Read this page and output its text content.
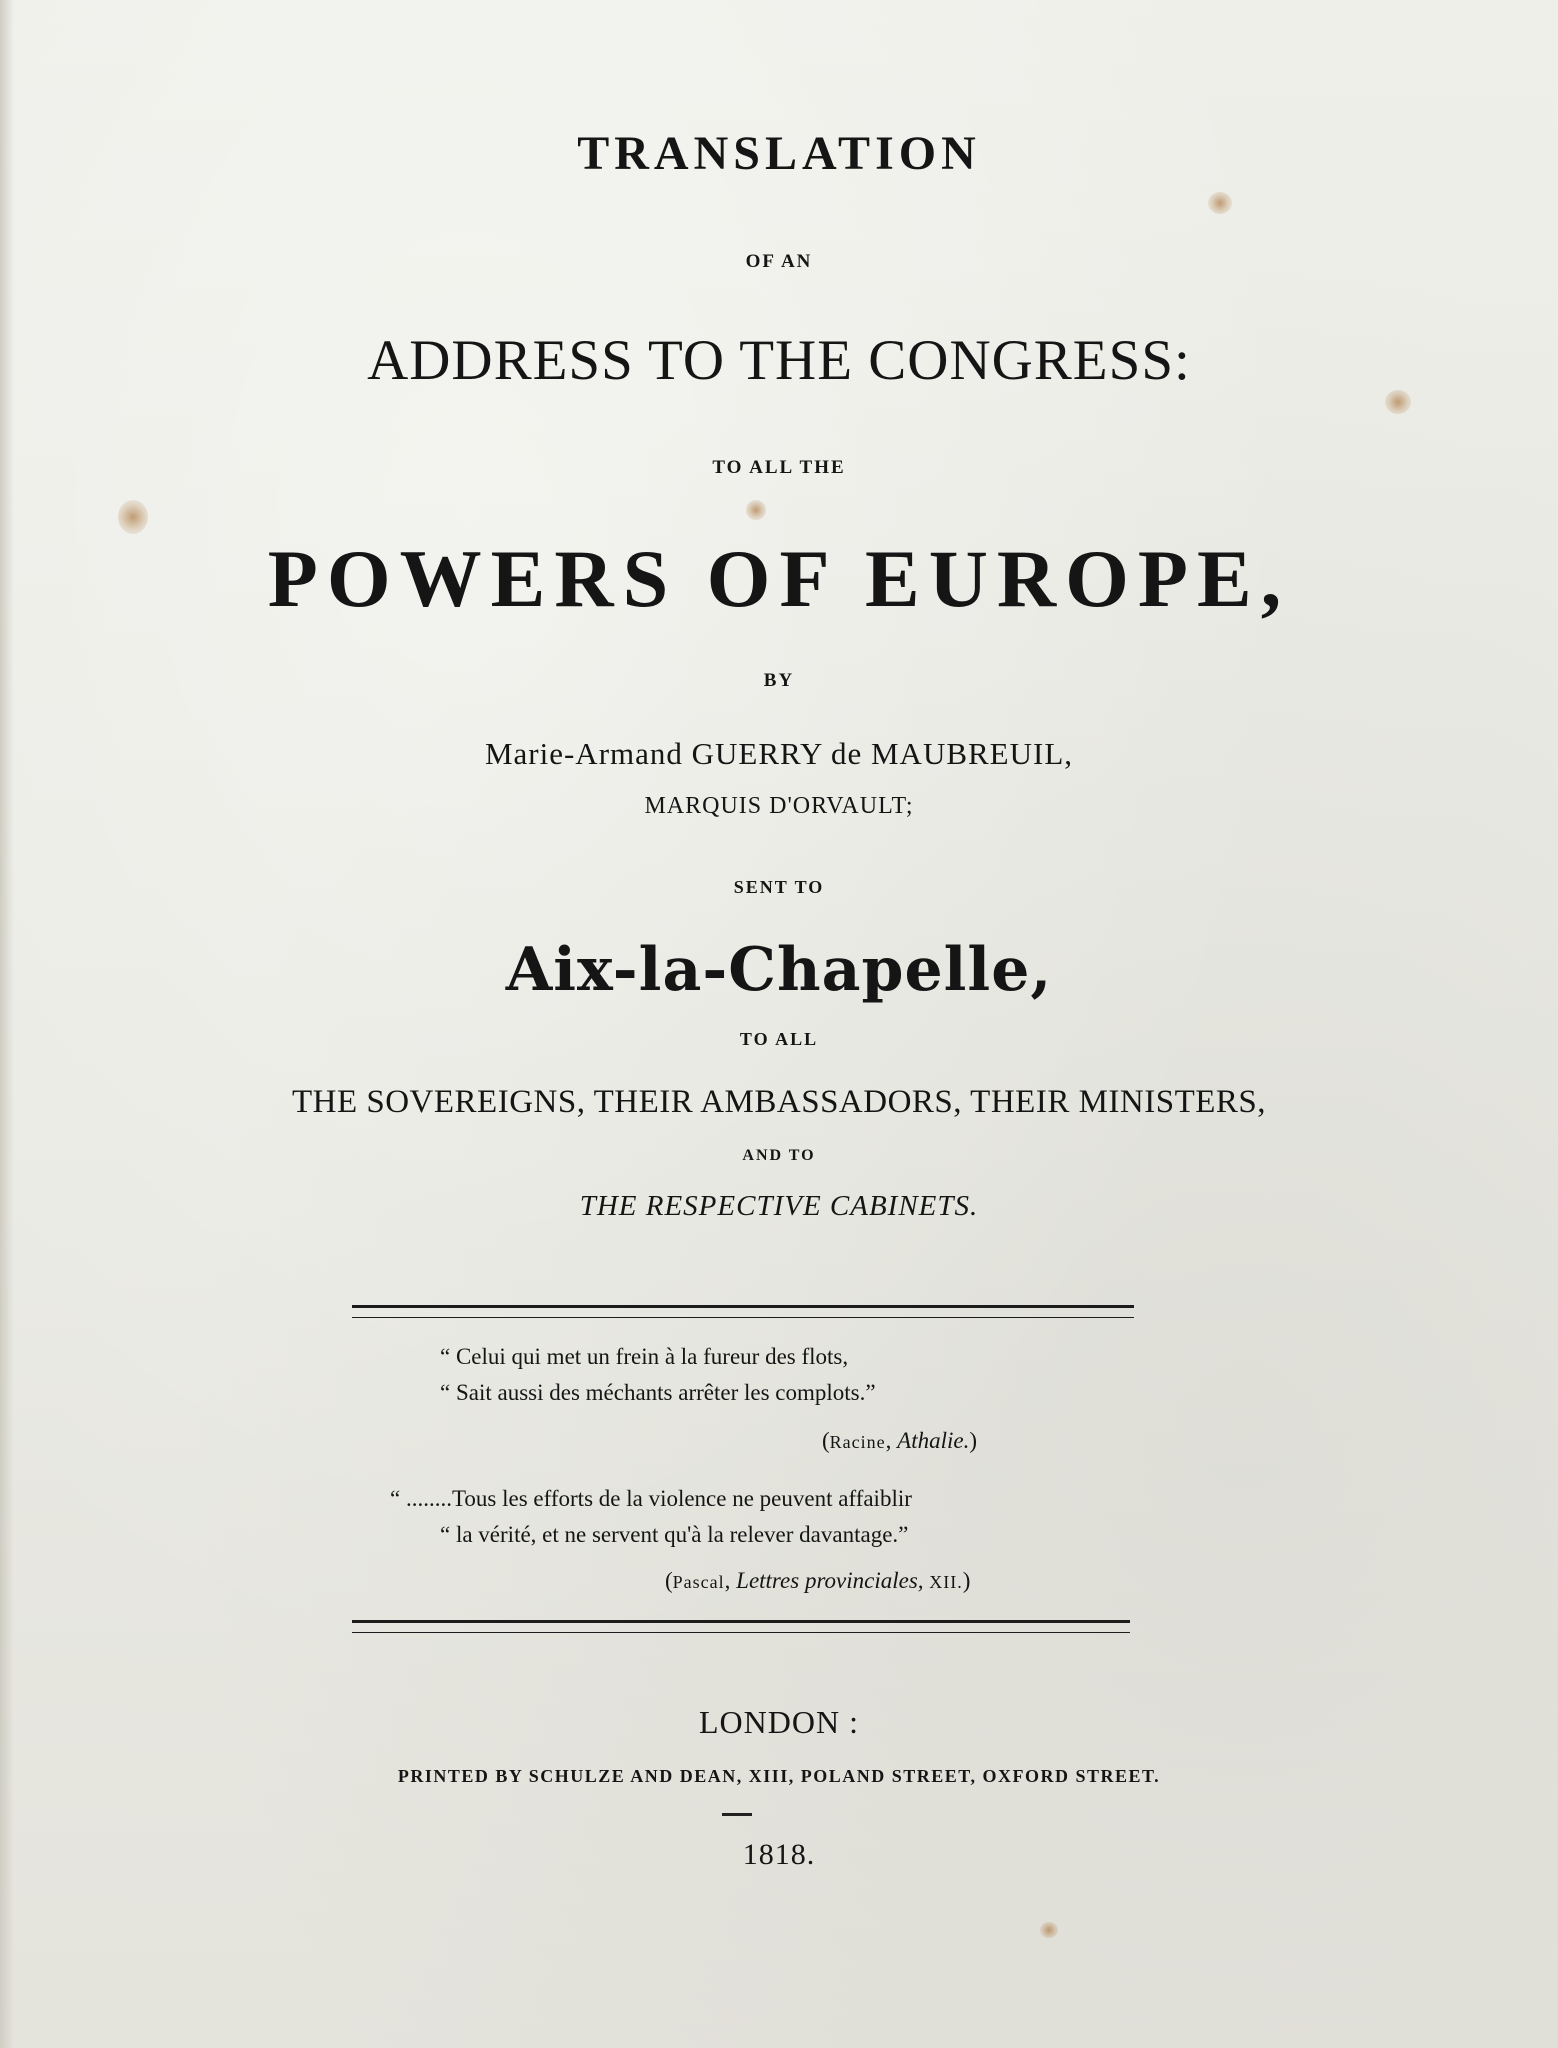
TRANSLATION
OF AN
ADDRESS TO THE CONGRESS:
TO ALL THE
POWERS OF EUROPE,
BY
Marie-Armand GUERRY de MAUBREUIL,
MARQUIS D'ORVAULT;
SENT TO
Aix-la-Chapelle,
TO ALL
THE SOVEREIGNS, THEIR AMBASSADORS, THEIR MINISTERS,
AND TO
THE RESPECTIVE CABINETS.
“ Celui qui met un frein à la fureur des flots,
“ Sait aussi des méchants arrêter les complots.”
(Racine, Athalie.)
“ ........Tous les efforts de la violence ne peuvent affaiblir
“ la vérité, et ne servent qu'à la relever davantage.”
(Pascal, Lettres provinciales, XII.)
LONDON :
PRINTED BY SCHULZE AND DEAN, XIII, POLAND STREET, OXFORD STREET.
1818.
